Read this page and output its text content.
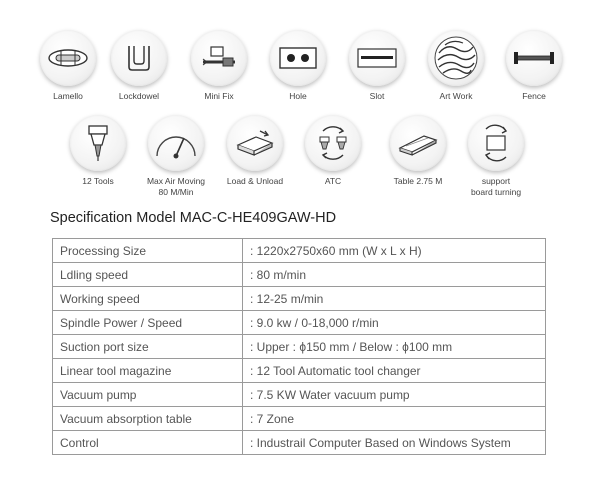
Lamello	Lockdowel	Mini Fix	Hole	Slot	Art Work	Fence
12 Tools	Max Air Moving
80 M/Min
Load & Unload	ATC	Table 2.75 M	support
board turning
Specification Model MAC-C-HE409GAW-HD
Processing Size	: 1220x2750x60 mm (W x L x H)
Ldling speed	: 80 m/min
Working speed	: 12-25 m/min
Spindle Power / Speed	: 9.0 kw / 0-18,000 r/min
Suction port size	: Upper : ϕ150 mm / Below : ϕ100 mm
Linear tool magazine	: 12 Tool Automatic tool changer
Vacuum pump	: 7.5 KW Water vacuum pump
Vacuum absorption table	: 7 Zone
Control	: Industrail Computer Based on Windows System
